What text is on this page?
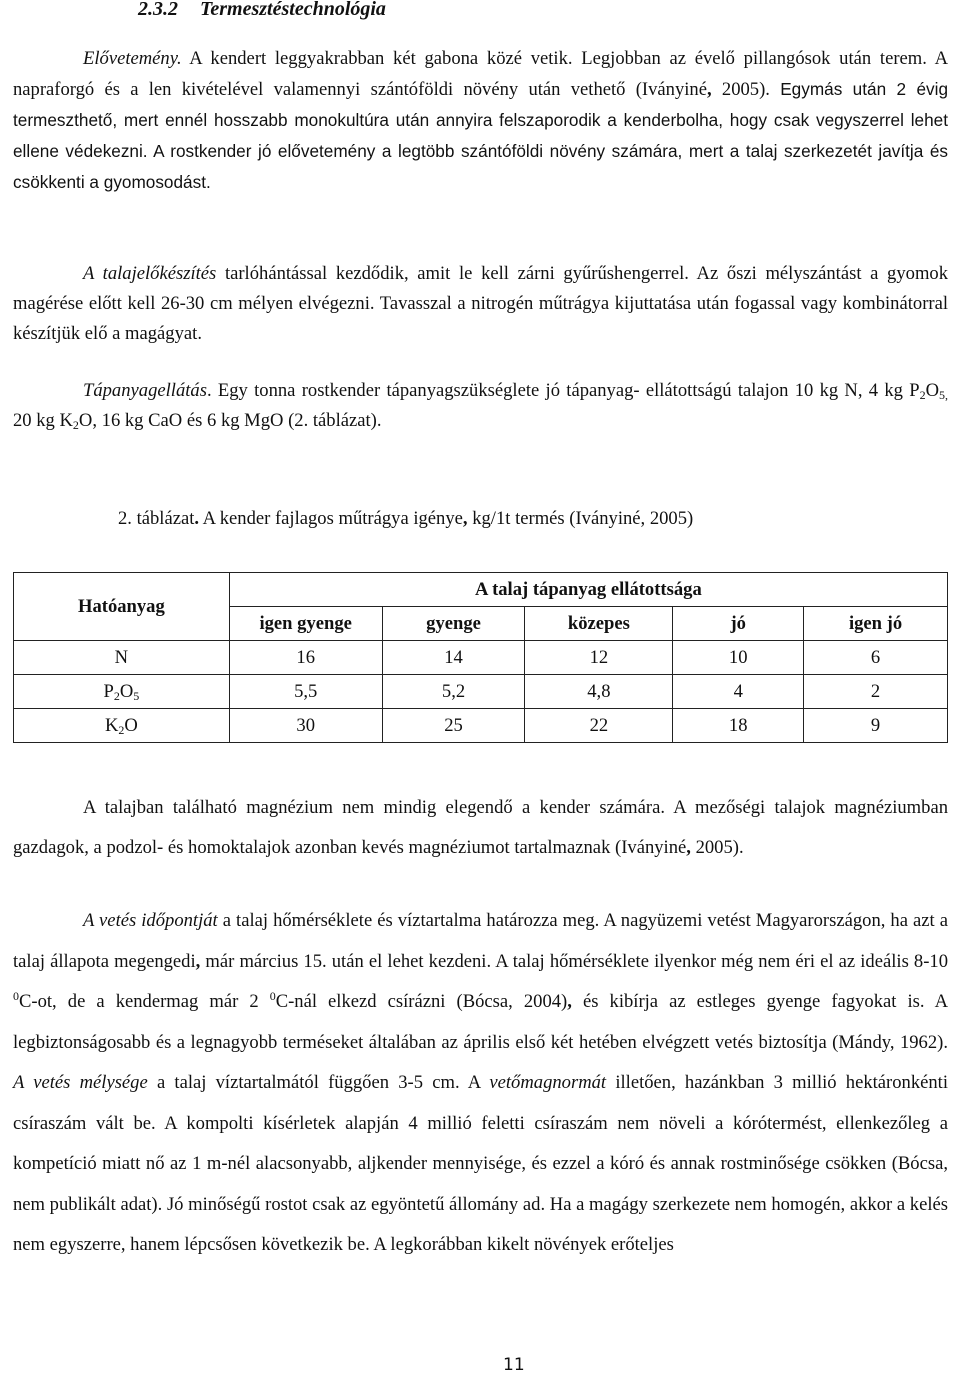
2.3.2 Termesztéstechnológia

Elővetemény. A kendert leggyakrabban két gabona közé vetik. Legjobban az évelő pillangósok után terem. A napraforgó és a len kivételével valamennyi szántóföldi növény után vethető (Iványiné, 2005). Egymás után 2 évig termeszthető, mert ennél hosszabb monokultúra után annyira felszaporodik a kenderbolha, hogy csak vegyszerrel lehet ellene védekezni. A rostkender jó elővetemény a legtöbb szántóföldi növény számára, mert a talaj szerkezetét javítja és csökkenti a gyomosodást.

A talajelőkészítés tarlóhántással kezdődik, amit le kell zárni gyűrűshengerrel. Az őszi mélyszántást a gyomok magérése előtt kell 26-30 cm mélyen elvégezni. Tavasszal a nitrogén műtrágya kijuttatása után fogassal vagy kombinátorral készítjük elő a magágyat.

Tápanyagellátás. Egy tonna rostkender tápanyagszükséglete jó tápanyag- ellátottságú talajon 10 kg N, 4 kg $P_2O_{5,}$ 20 kg $K_2O$, 16 kg CaO és 6 kg MgO (2. táblázat).

2. táblázat. A kender fajlagos műtrágya igénye, kg/1t termés (Iványiné, 2005)
Hatóanyag	A talaj tápanyag ellátottsága				
	igen gyenge	gyenge	közepes	jó	igen jó
N	16	14	12	10	6
$P_2O_5$	5,5	5,2	4,8	4	2
$K_2O$	30	25	22	18	9

A talajban található magnézium nem mindig elegendő a kender számára. A mezőségi talajok magnéziumban gazdagok, a podzol- és homoktalajok azonban kevés magnéziumot tartalmaznak (Iványiné, 2005).

A vetés időpontját a talaj hőmérséklete és víztartalma határozza meg. A nagyüzemi vetést Magyarországon, ha azt a talaj állapota megengedi, már március 15. után el lehet kezdeni. A talaj hőmérséklete ilyenkor még nem éri el az ideális 8-10 $^0$C-ot, de a kendermag már 2 $^0$C-nál elkezd csírázni (Bócsa, 2004), és kibírja az estleges gyenge fagyokat is. A legbiztonságosabb és a legnagyobb terméseket általában az április első két hetében elvégzett vetés biztosítja (Mándy, 1962). A vetés mélysége a talaj víztartalmától függően 3-5 cm. A vetőmagnormát illetően, hazánkban 3 millió hektáronkénti csíraszám vált be. A kompolti kísérletek alapján 4 millió feletti csíraszám nem növeli a kórótermést, ellenkezőleg a kompetíció miatt nő az 1 m-nél alacsonyabb, aljkender mennyisége, és ezzel a kóró és annak rostminősége csökken (Bócsa, nem publikált adat). Jó minőségű rostot csak az egyöntetű állomány ad. Ha a magágy szerkezete nem homogén, akkor a kelés nem egyszerre, hanem lépcsősen következik be. A legkorábban kikelt növények erőteljes

11
